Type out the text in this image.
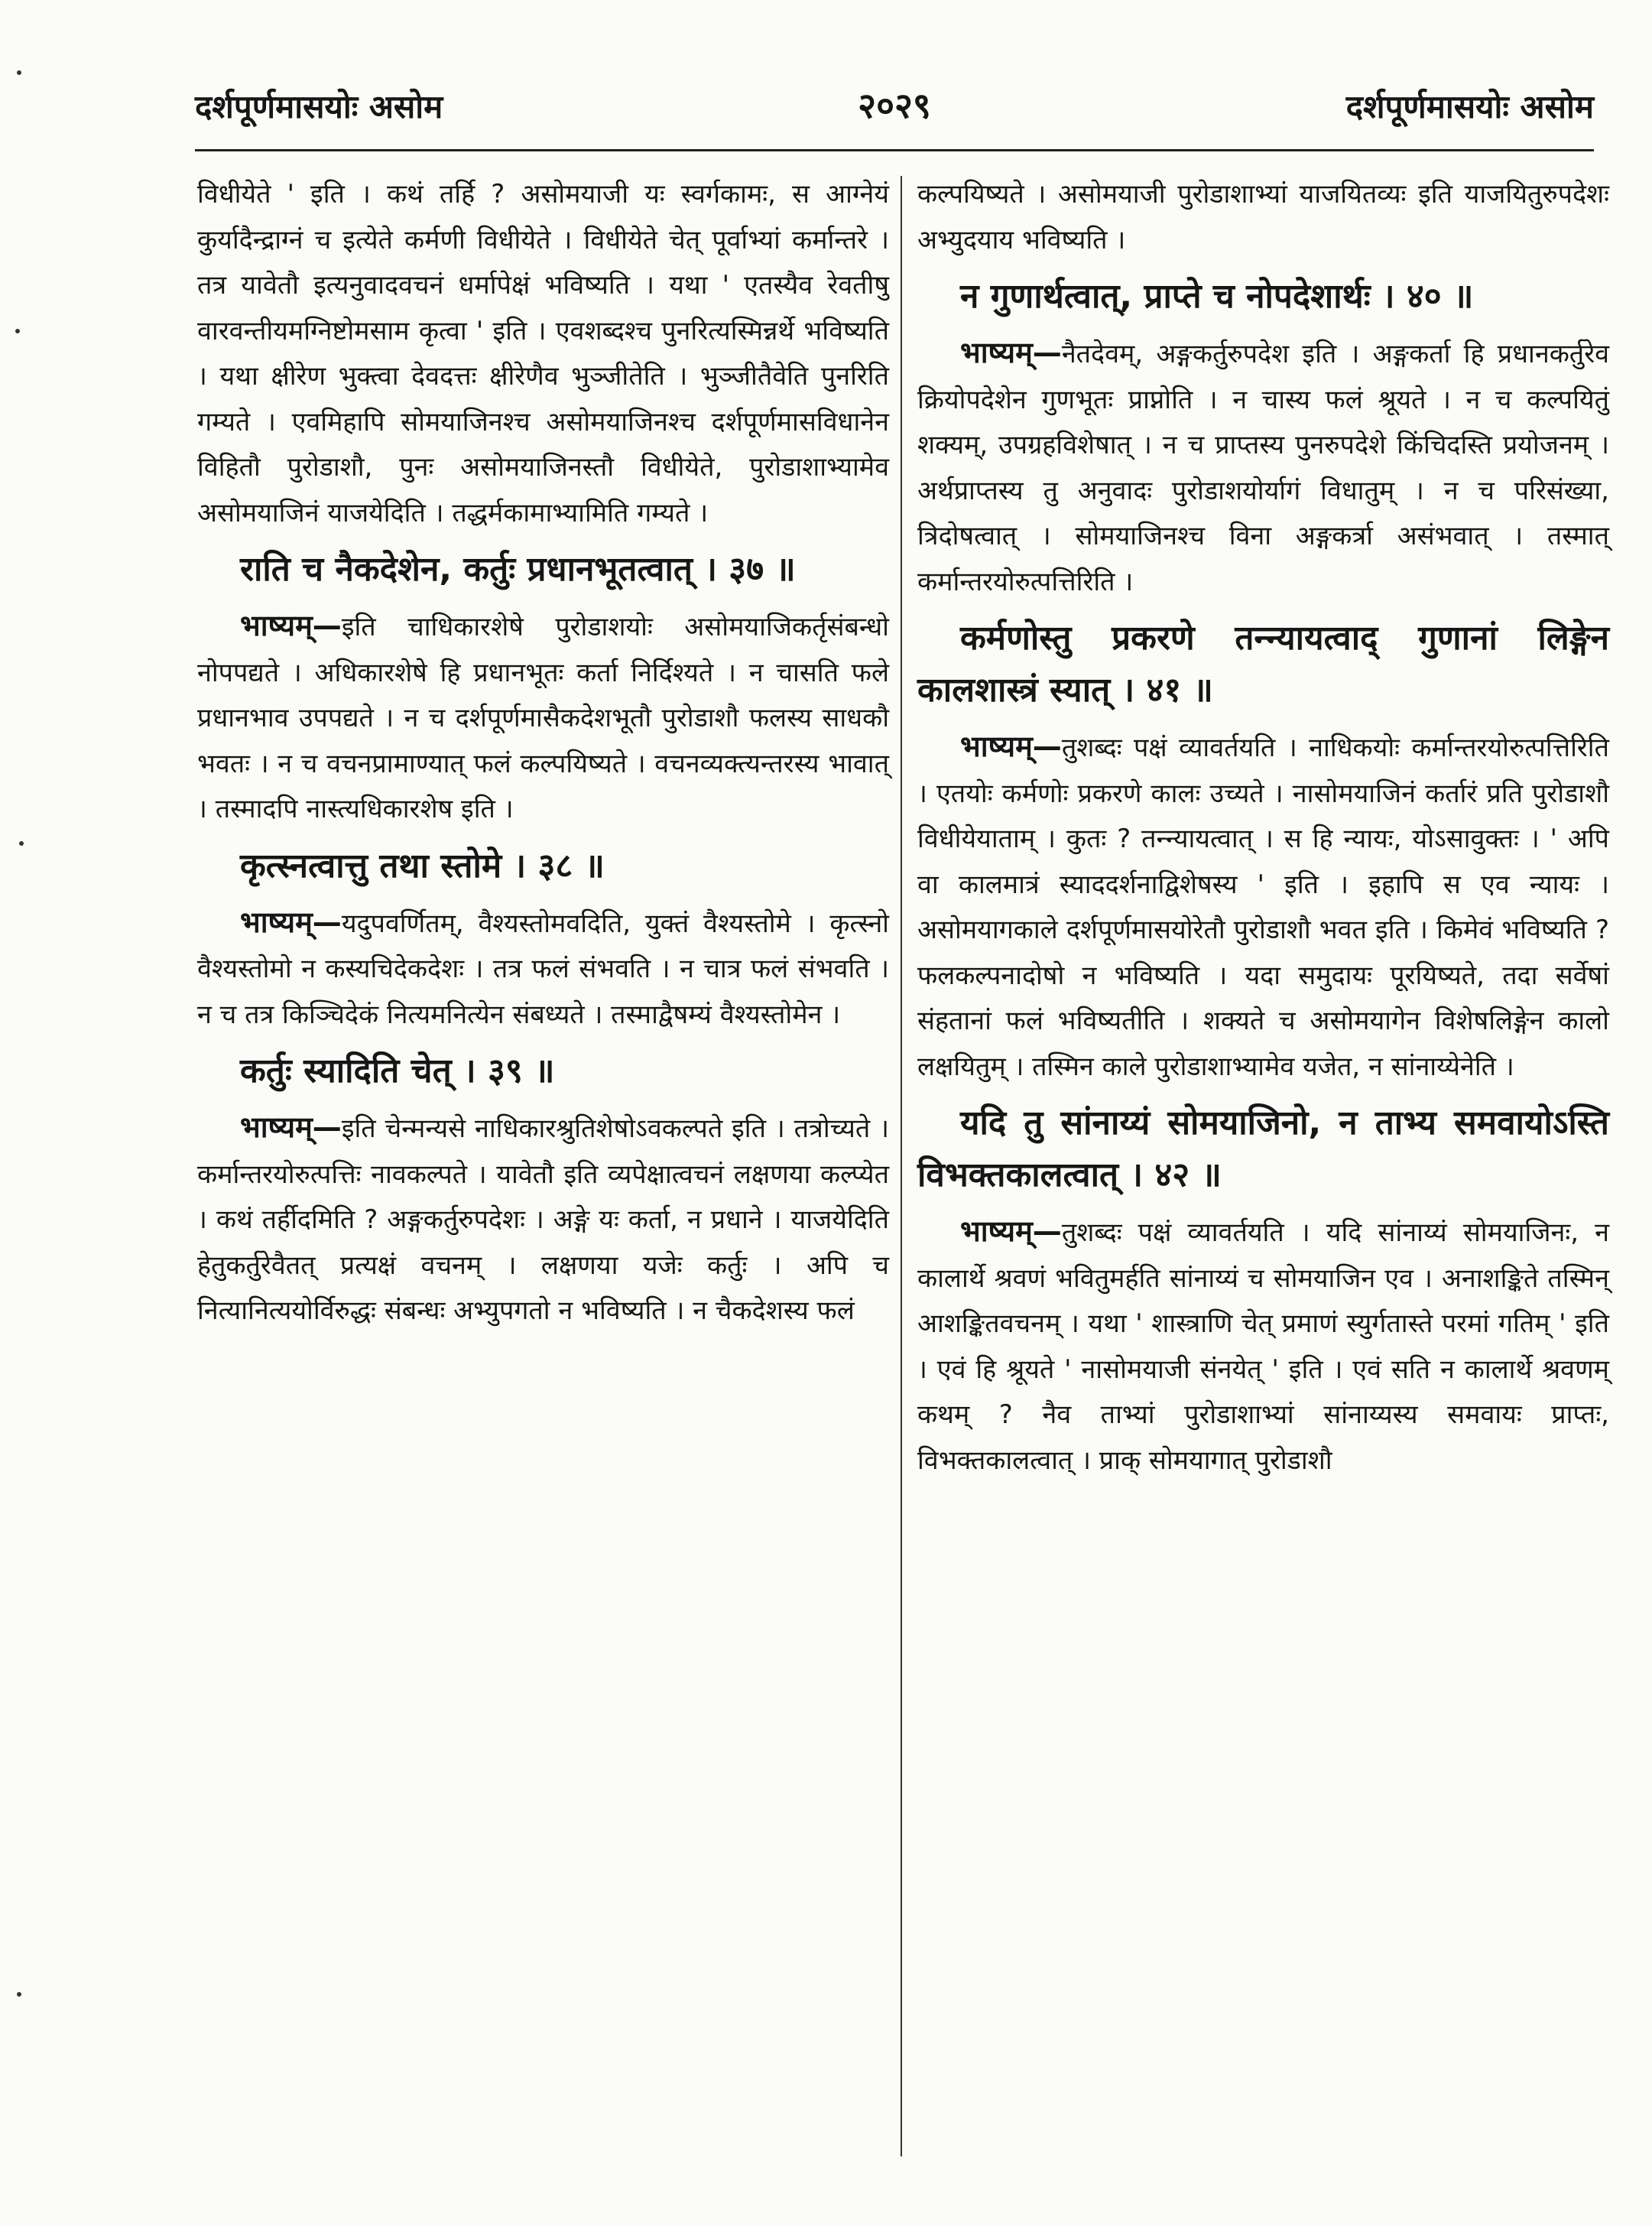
दर्शपूर्णमासयोः असोम	२०२९	दर्शपूर्णमासयोः असोम

विधीयेते ' इति । कथं तर्हि ? असोमयाजी यः स्वर्गकामः, स आग्नेयं कुर्यादैन्द्राग्नं च इत्येते कर्मणी विधीयेते । विधीयेते चेत् पूर्वाभ्यां कर्मान्तरे । तत्र यावेतौ इत्यनुवादवचनं धर्मापेक्षं भविष्यति । यथा ' एतस्यैव रेवतीषु वारवन्तीयमग्निष्टोमसाम कृत्वा ' इति । एवशब्दश्च पुनरित्यस्मिन्नर्थे भविष्यति । यथा क्षीरेण भुक्त्वा देवदत्तः क्षीरेणैव भुञ्जीतेति । भुञ्जीतैवेति पुनरिति गम्यते । एवमिहापि सोमयाजिनश्च असोमयाजिनश्च दर्शपूर्णमासविधानेन विहितौ पुरोडाशौ, पुनः असोमयाजिनस्तौ विधीयेते, पुरोडाशाभ्यामेव असोमयाजिनं याजयेदिति । तद्धर्मकामाभ्यामिति गम्यते ।

राति च नैकदेशेन, कर्तुः प्रधानभूतत्वात् । ३७ ॥

भाष्यम्—इति चाधिकारशेषे पुरोडाशयोः असोमयाजिकर्तृसंबन्धो नोपपद्यते । अधिकारशेषे हि प्रधानभूतः कर्ता निर्दिश्यते । न चासति फले प्रधानभाव उपपद्यते । न च दर्शपूर्णमासैकदेशभूतौ पुरोडाशौ फलस्य साधकौ भवतः । न च वचनप्रामाण्यात् फलं कल्पयिष्यते । वचनव्यक्त्यन्तरस्य भावात् । तस्मादपि नास्त्यधिकारशेष इति ।

कृत्स्नत्वात्तु तथा स्तोमे । ३८ ॥

भाष्यम्—यदुपवर्णितम्, वैश्यस्तोमवदिति, युक्तं वैश्यस्तोमे । कृत्स्नो वैश्यस्तोमो न कस्यचिदेकदेशः । तत्र फलं संभवति । न चात्र फलं संभवति । न च तत्र किञ्चिदेकं नित्यमनित्येन संबध्यते । तस्माद्वैषम्यं वैश्यस्तोमेन ।

कर्तुः स्यादिति चेत् । ३९ ॥

भाष्यम्—इति चेन्मन्यसे नाधिकारश्रुतिशेषोऽवकल्पते इति । तत्रोच्यते । कर्मान्तरयोरुत्पत्तिः नावकल्पते । यावेतौ इति व्यपेक्षात्वचनं लक्षणया कल्प्येत । कथं तर्हीदमिति ? अङ्गकर्तुरुपदेशः । अङ्गे यः कर्ता, न प्रधाने । याजयेदिति हेतुकर्तुरेवैतत् प्रत्यक्षं वचनम् । लक्षणया यजेः कर्तुः । अपि च नित्यानित्ययोर्विरुद्धः संबन्धः अभ्युपगतो न भविष्यति । न चैकदेशस्य फलं

कल्पयिष्यते । असोमयाजी पुरोडाशाभ्यां याजयितव्यः इति याजयितुरुपदेशः अभ्युदयाय भविष्यति ।

न गुणार्थत्वात्, प्राप्ते च नोपदेशार्थः । ४० ॥

भाष्यम्—नैतदेवम्, अङ्गकर्तुरुपदेश इति । अङ्गकर्ता हि प्रधानकर्तुरेव क्रियोपदेशेन गुणभूतः प्राप्नोति । न चास्य फलं श्रूयते । न च कल्पयितुं शक्यम्, उपग्रहविशेषात् । न च प्राप्तस्य पुनरुपदेशे किंचिदस्ति प्रयोजनम् । अर्थप्राप्तस्य तु अनुवादः पुरोडाशयोर्यागं विधातुम् । न च परिसंख्या, त्रिदोषत्वात् । सोमयाजिनश्च विना अङ्गकर्त्रा असंभवात् । तस्मात् कर्मान्तरयोरुत्पत्तिरिति ।

कर्मणोस्तु प्रकरणे तन्न्यायत्वाद् गुणानां लिङ्गेन कालशास्त्रं स्यात् । ४१ ॥

भाष्यम्—तुशब्दः पक्षं व्यावर्तयति । नाधिकयोः कर्मान्तरयोरुत्पत्तिरिति । एतयोः कर्मणोः प्रकरणे कालः उच्यते । नासोमयाजिनं कर्तारं प्रति पुरोडाशौ विधीयेयाताम् । कुतः ? तन्न्यायत्वात् । स हि न्यायः, योऽसावुक्तः । ' अपि वा कालमात्रं स्याददर्शनाद्विशेषस्य ' इति । इहापि स एव न्यायः । असोमयागकाले दर्शपूर्णमासयोरेतौ पुरोडाशौ भवत इति । किमेवं भविष्यति ? फलकल्पनादोषो न भविष्यति । यदा समुदायः पूरयिष्यते, तदा सर्वेषां संहतानां फलं भविष्यतीति । शक्यते च असोमयागेन विशेषलिङ्गेन कालो लक्षयितुम् । तस्मिन काले पुरोडाशाभ्यामेव यजेत, न सांनाय्येनेति ।

यदि तु सांनाय्यं सोमयाजिनो, न ताभ्य समवायोऽस्ति विभक्तकालत्वात् । ४२ ॥

भाष्यम्—तुशब्दः पक्षं व्यावर्तयति । यदि सांनाय्यं सोमयाजिनः, न कालार्थे श्रवणं भवितुमर्हति सांनाय्यं च सोमयाजिन एव । अनाशङ्किते तस्मिन् आशङ्कितवचनम् । यथा ' शास्त्राणि चेत् प्रमाणं स्युर्गतास्ते परमां गतिम् ' इति । एवं हि श्रूयते ' नासोमयाजी संनयेत् ' इति । एवं सति न कालार्थे श्रवणम् कथम् ? नैव ताभ्यां पुरोडाशाभ्यां सांनाय्यस्य समवायः प्राप्तः, विभक्तकालत्वात् । प्राक् सोमयागात् पुरोडाशौ
